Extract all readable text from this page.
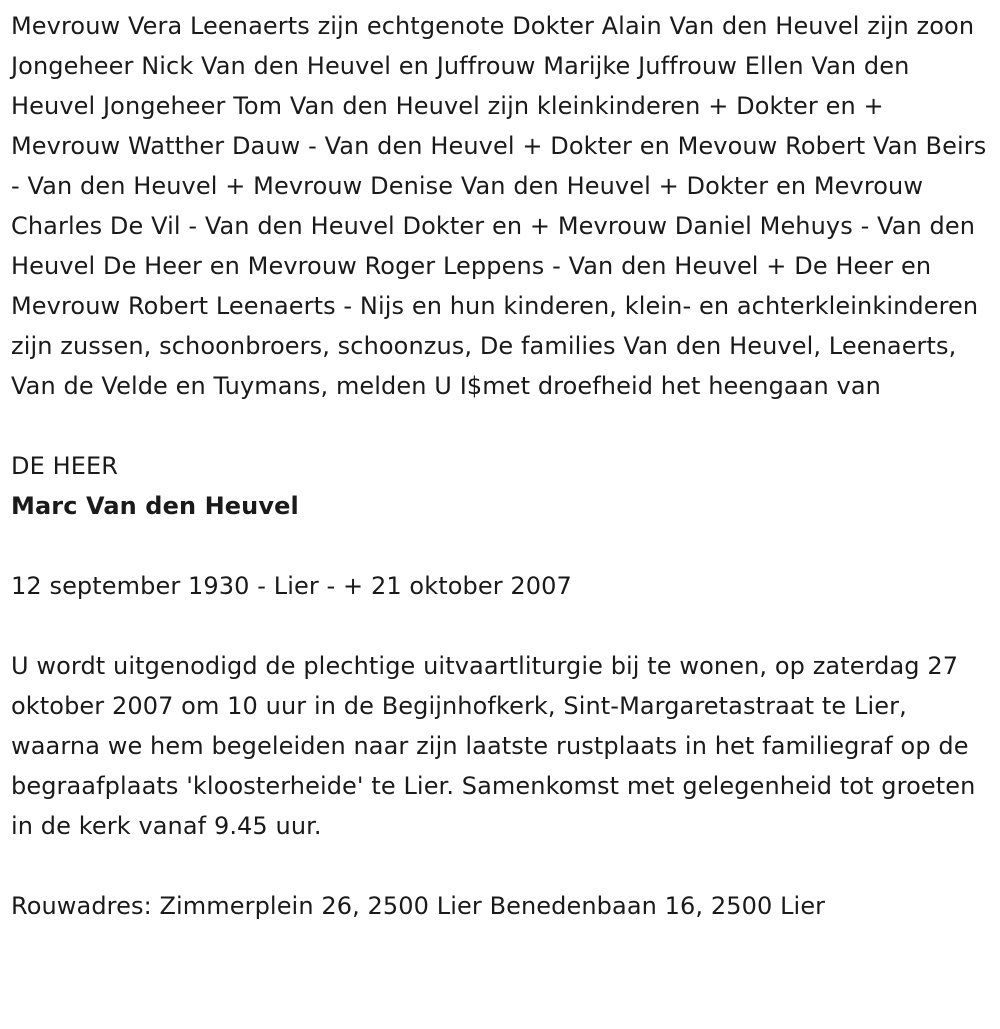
Mevrouw Vera Leenaerts zijn echtgenote Dokter Alain Van den Heuvel zijn zoon Jongeheer Nick Van den Heuvel en Juffrouw Marijke Juffrouw Ellen Van den Heuvel Jongeheer Tom Van den Heuvel zijn kleinkinderen + Dokter en + Mevrouw Watther Dauw - Van den Heuvel + Dokter en Mevouw Robert Van Beirs - Van den Heuvel + Mevrouw Denise Van den Heuvel + Dokter en Mevrouw Charles De Vil - Van den Heuvel Dokter en + Mevrouw Daniel Mehuys - Van den Heuvel De Heer en Mevrouw Roger Leppens - Van den Heuvel + De Heer en Mevrouw Robert Leenaerts - Nijs en hun kinderen, klein- en achterkleinkinderen zijn zussen, schoonbroers, schoonzus, De families Van den Heuvel, Leenaerts, Van de Velde en Tuymans, melden U I$met droefheid het heengaan van

DE HEER

Marc Van den Heuvel

12 september 1930 - Lier - + 21 oktober 2007

U wordt uitgenodigd de plechtige uitvaartliturgie bij te wonen, op zaterdag 27 oktober 2007 om 10 uur in de Begijnhofkerk, Sint-Margaretastraat te Lier, waarna we hem begeleiden naar zijn laatste rustplaats in het familiegraf op de begraafplaats 'kloosterheide' te Lier. Samenkomst met gelegenheid tot groeten in de kerk vanaf 9.45 uur.

Rouwadres: Zimmerplein 26, 2500 Lier Benedenbaan 16, 2500 Lier
